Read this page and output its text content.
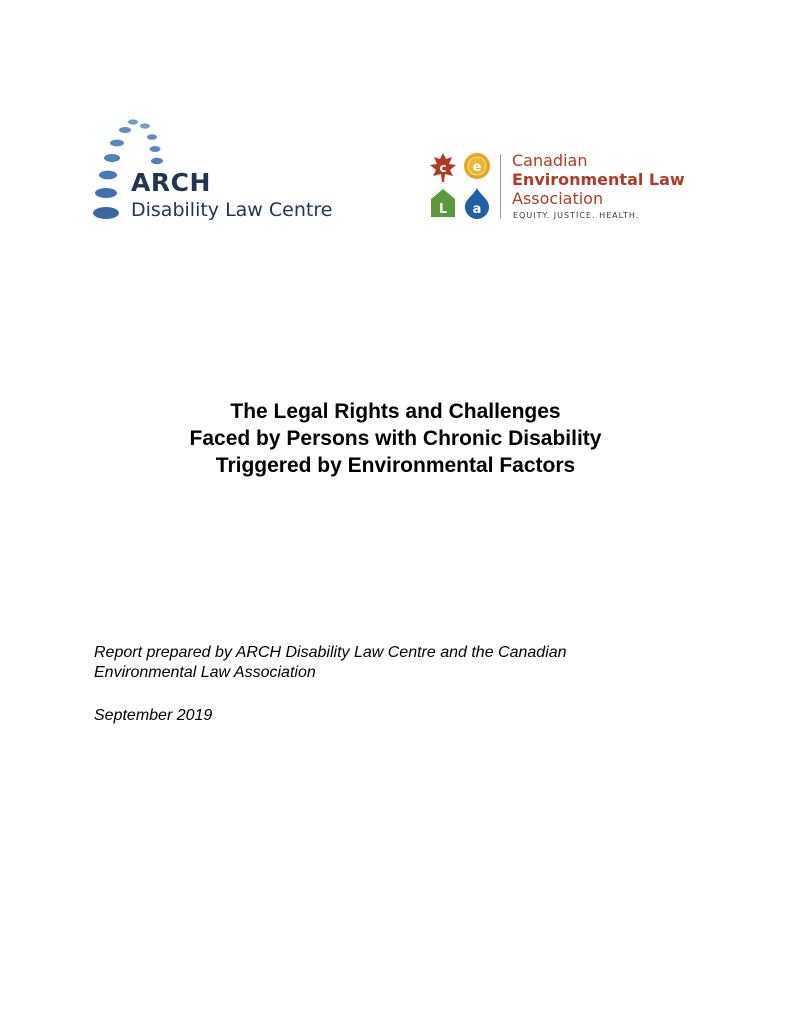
ARCH
Disability Law Centre
c e
L a
Canadian
Environmental Law
Association
EQUITY. JUSTICE. HEALTH.
The Legal Rights and Challenges
Faced by Persons with Chronic Disability
Triggered by Environmental Factors
Report prepared by ARCH Disability Law Centre and the Canadian
Environmental Law Association
September 2019
